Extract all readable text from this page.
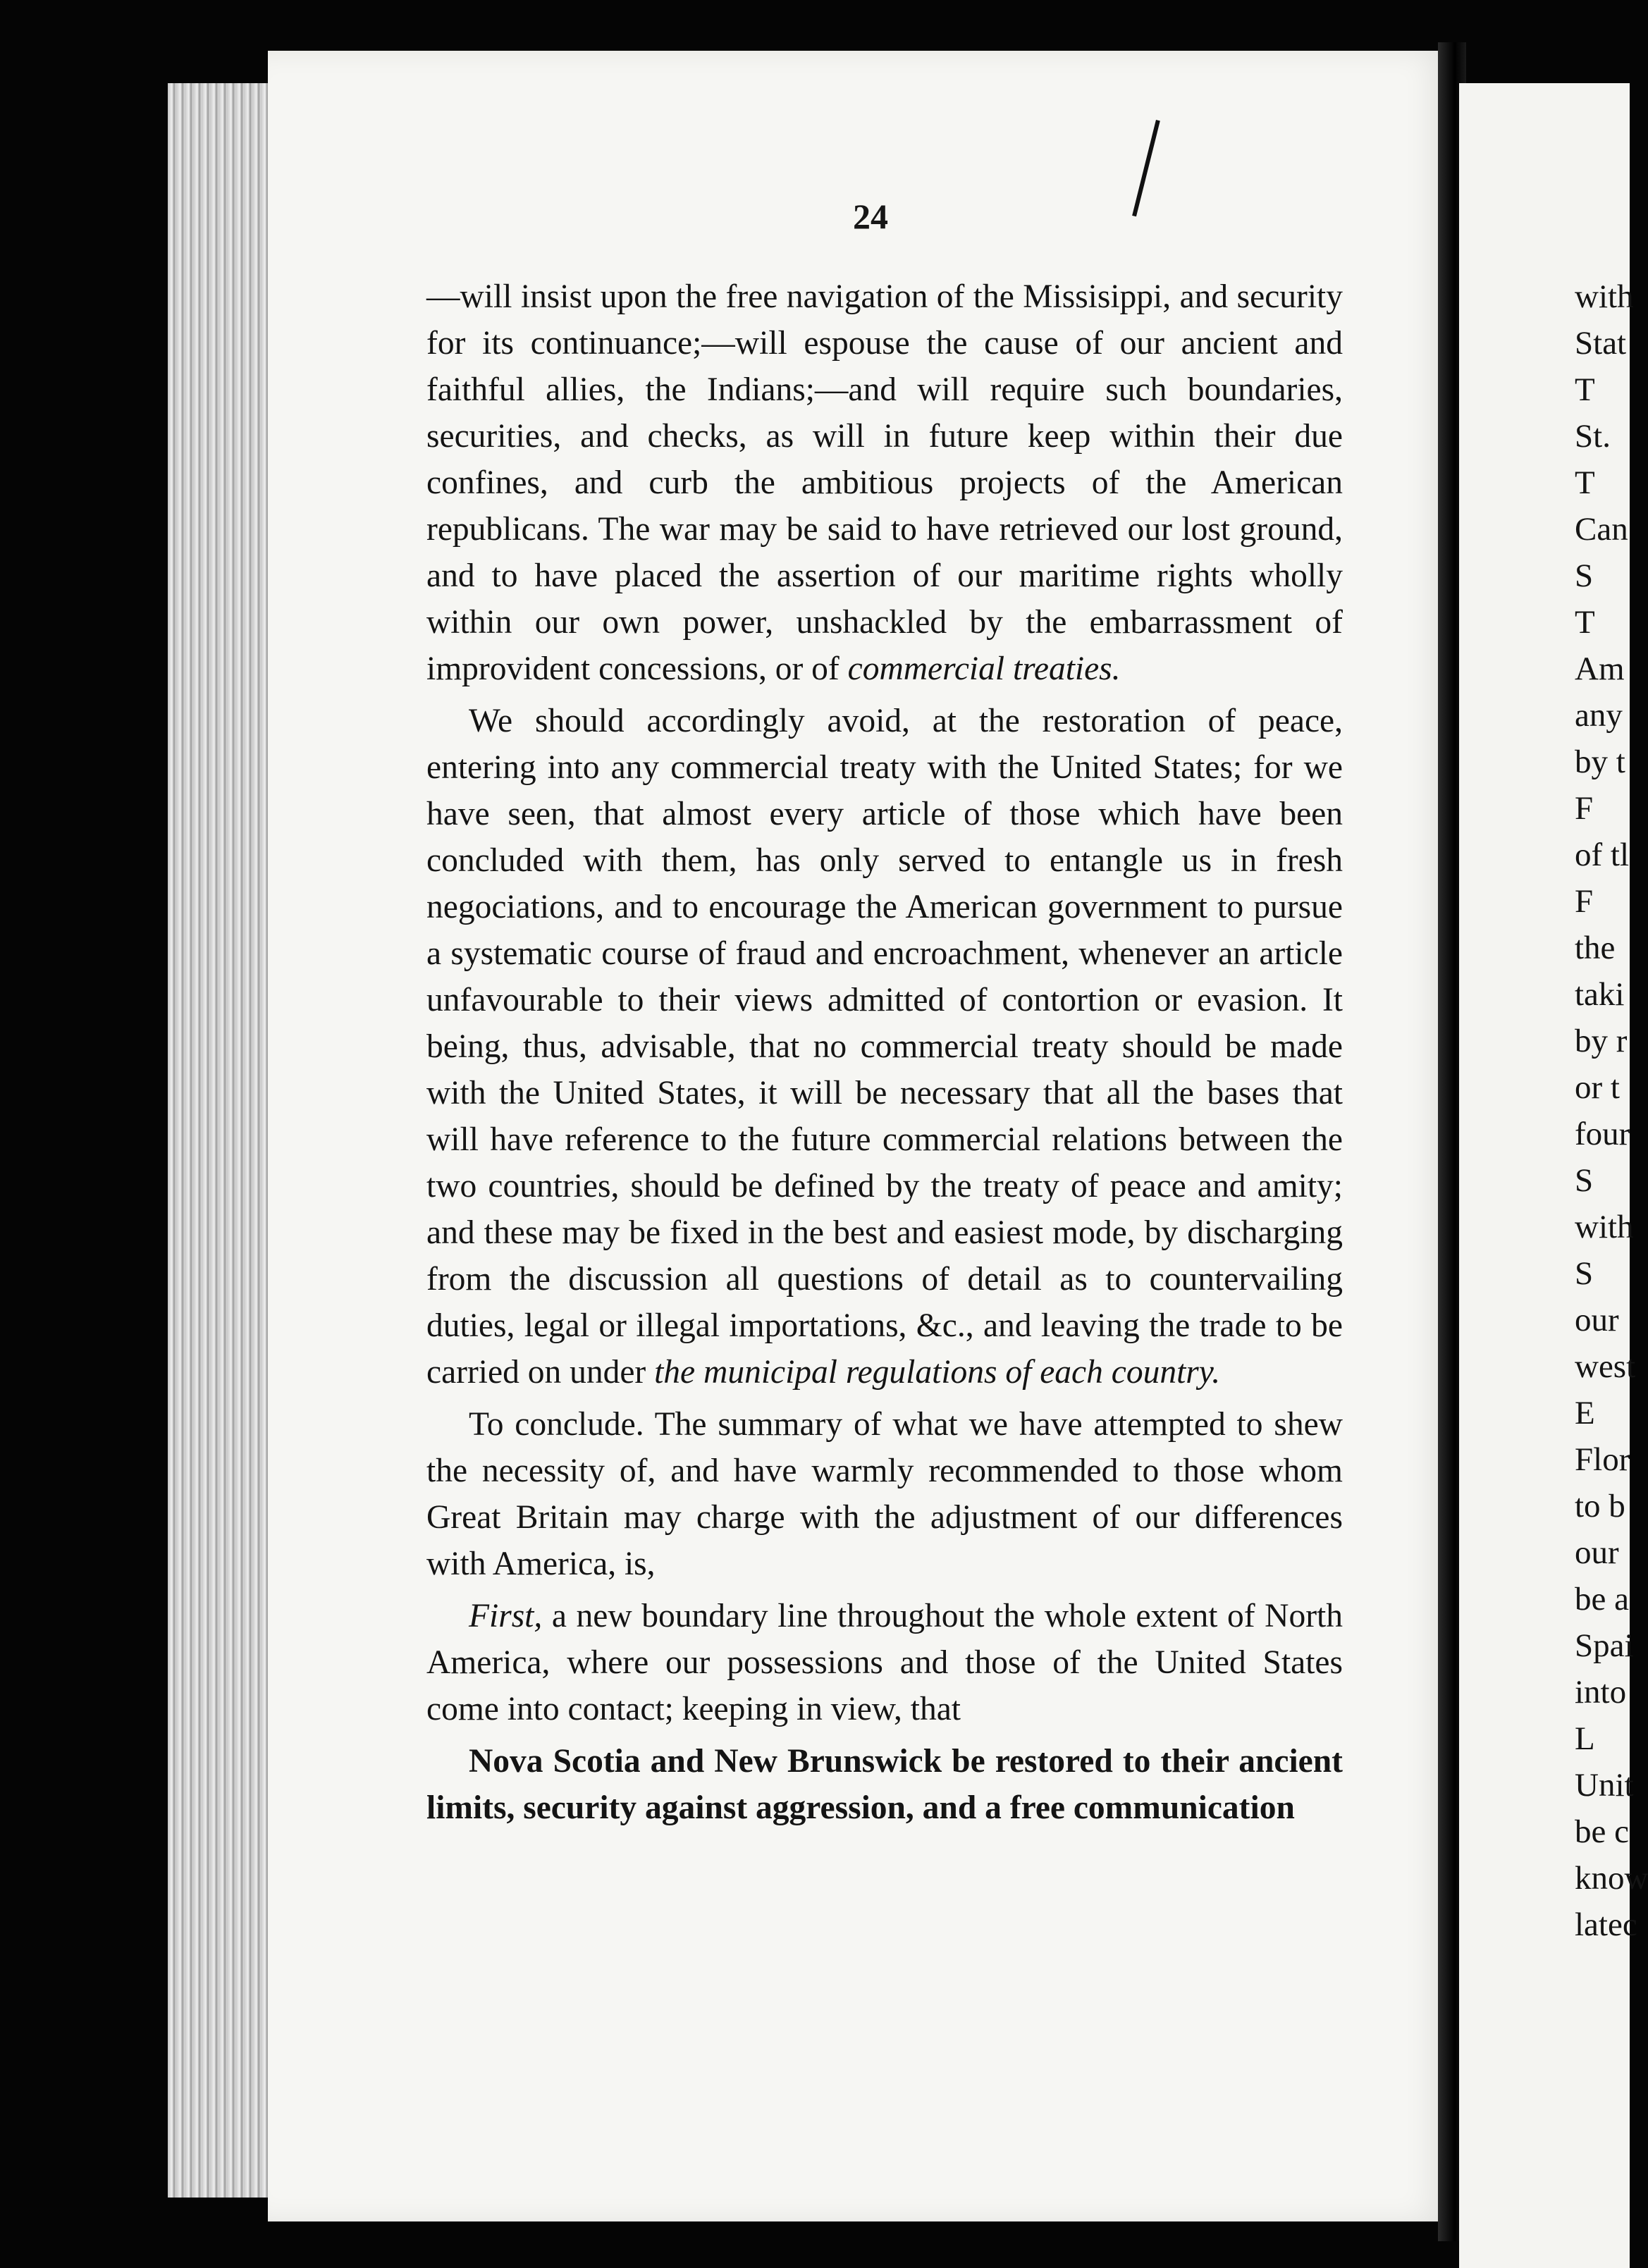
24

—will insist upon the free navigation of the Missisippi, and security for its continuance;—will espouse the cause of our ancient and faithful allies, the Indians;—and will require such boundaries, securities, and checks, as will in future keep within their due confines, and curb the ambitious projects of the American republicans. The war may be said to have retrieved our lost ground, and to have placed the assertion of our maritime rights wholly within our own power, unshackled by the embarrassment of improvident concessions, or of commercial treaties.

We should accordingly avoid, at the restoration of peace, entering into any commercial treaty with the United States; for we have seen, that almost every article of those which have been concluded with them, has only served to entangle us in fresh negociations, and to encourage the American government to pursue a systematic course of fraud and encroachment, whenever an article unfavourable to their views admitted of contortion or evasion. It being, thus, advisable, that no commercial treaty should be made with the United States, it will be necessary that all the bases that will have reference to the future commercial relations between the two countries, should be defined by the treaty of peace and amity; and these may be fixed in the best and easiest mode, by discharging from the discussion all questions of detail as to countervailing duties, legal or illegal importations, &c., and leaving the trade to be carried on under the municipal regulations of each country.

To conclude. The summary of what we have attempted to shew the necessity of, and have warmly recommended to those whom Great Britain may charge with the adjustment of our differences with America, is,

First, a new boundary line throughout the whole extent of North America, where our possessions and those of the United States come into contact; keeping in view, that

Nova Scotia and New Brunswick be restored to their ancient limits, security against aggression, and a free communication

with
Stat
T
St.
T
Can
S
T
Am
any
by t
F
of tl
F
the
taki
by r
or t
four
S
with
S
our
west
E
Flor
to b
our
be a
Spai
into
L
Unit
be c
know
latec
